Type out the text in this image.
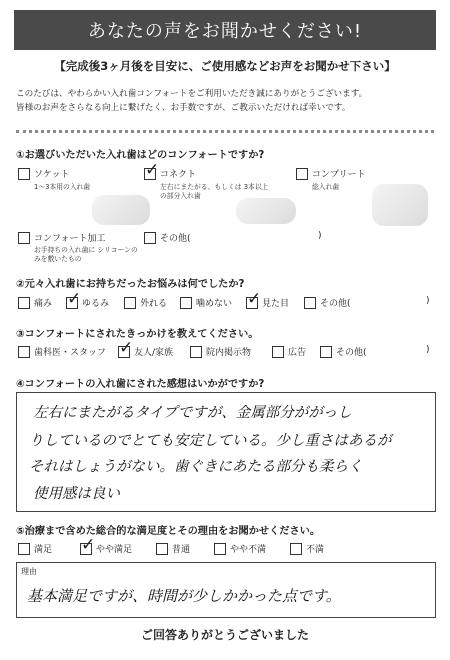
あなたの声をお聞かせください!
【完成後3ヶ月後を目安に、ご使用感などお声をお聞かせ下さい】
このたびは、やわらかい入れ歯コンフォートをご利用いただき誠にありがとうございます。
皆様のお声をさらなる向上に繋げたく、お手数ですが、ご教示いただければ幸いです。
①お選びいただいた入れ歯はどのコンフォートですか?
ソケット
1〜3本用の入れ歯
✓
コネクト
左右にまたがる、もしくは 3本以上の部分入れ歯
コンプリート
総入れ歯
コンフォート加工
お手持ちの入れ歯に シリコーンのみを敷いたもの
その他(	)
②元々入れ歯にお持ちだったお悩みは何でしたか?
痛み ✓	ゆるみ	外れる	噛めない ✓	見た目	その他(	)
③コンフォートにされたきっかけを教えてください。
歯科医・スタッフ ✓	友人/家族	院内掲示物	広告	その他(	)
④コンフォートの入れ歯にされた感想はいかがですか?
左右にまたがるタイプですが、金属部分ががっし
りしているのでとても安定している。少し重さはあるが
それはしょうがない。歯ぐきにあたる部分も柔らく
使用感は良い
⑤治療まで含めた総合的な満足度とその理由をお聞かせください。
満足 ✓	やや満足	普通	やや不満	不満
理由
基本満足ですが、時間が少しかかった点です。
ご回答ありがとうございました
